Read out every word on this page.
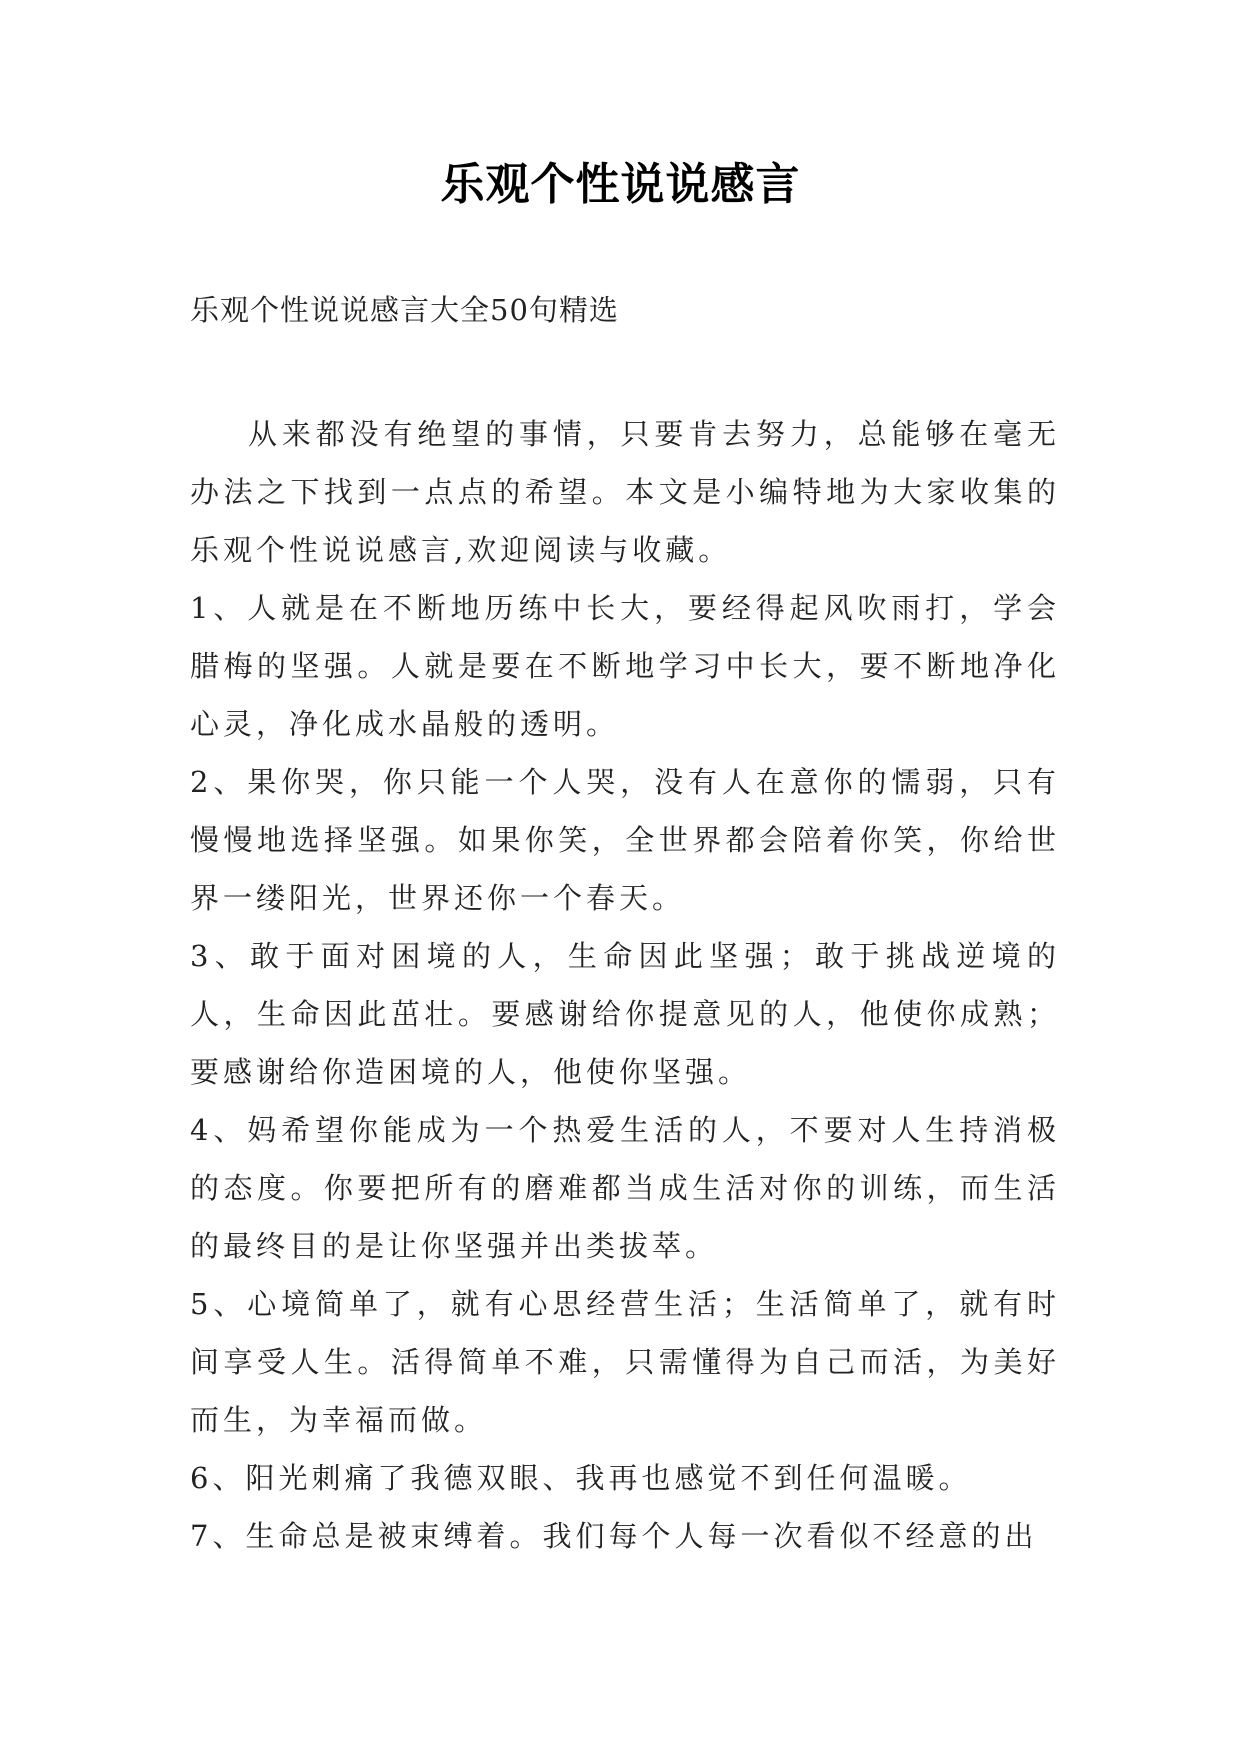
乐观个性说说感言
乐观个性说说感言大全50句精选

从来都没有绝望的事情，只要肯去努力，总能够在毫无办法之下找到一点点的希望。本文是小编特地为大家收集的乐观个性说说感言,欢迎阅读与收藏。

1、人就是在不断地历练中长大，要经得起风吹雨打，学会腊梅的坚强。人就是要在不断地学习中长大，要不断地净化心灵，净化成水晶般的透明。

2、果你哭，你只能一个人哭，没有人在意你的懦弱，只有慢慢地选择坚强。如果你笑，全世界都会陪着你笑，你给世界一缕阳光，世界还你一个春天。

3、敢于面对困境的人，生命因此坚强；敢于挑战逆境的人，生命因此茁壮。要感谢给你提意见的人，他使你成熟；要感谢给你造困境的人，他使你坚强。

4、妈希望你能成为一个热爱生活的人，不要对人生持消极的态度。你要把所有的磨难都当成生活对你的训练，而生活的最终目的是让你坚强并出类拔萃。

5、心境简单了，就有心思经营生活；生活简单了，就有时间享受人生。活得简单不难，只需懂得为自己而活，为美好而生，为幸福而做。

6、阳光刺痛了我德双眼、我再也感觉不到任何温暖。

7、生命总是被束缚着。我们每个人每一次看似不经意的出
